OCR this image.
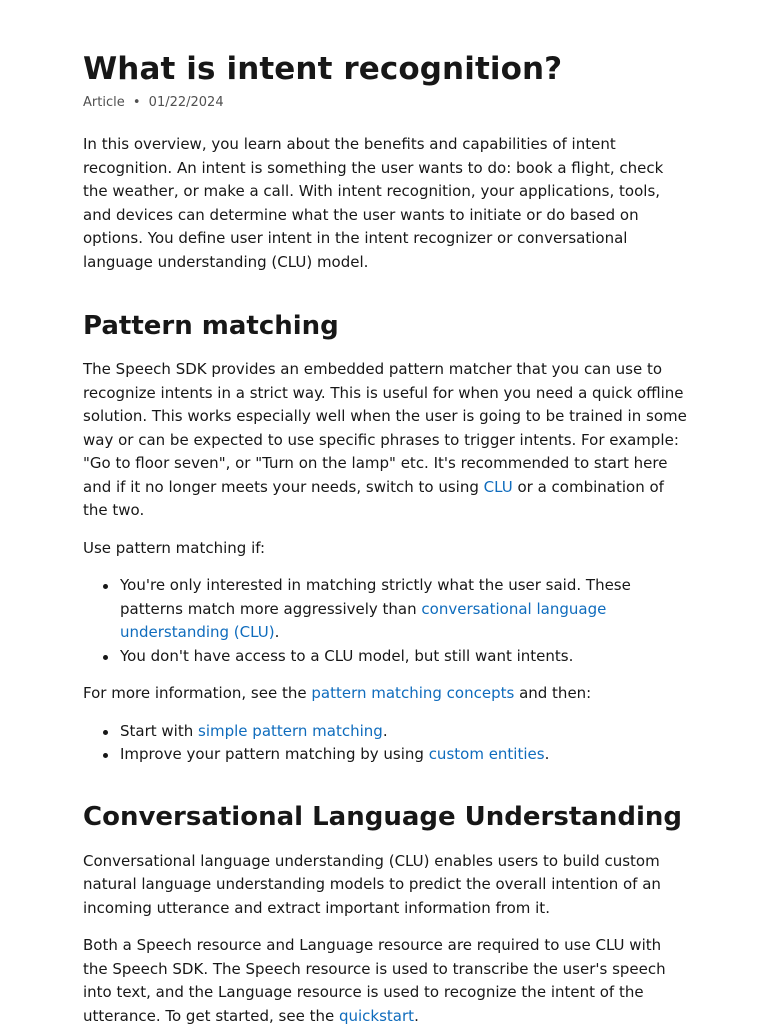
What is intent recognition?
Article • 01/22/2024

In this overview, you learn about the benefits and capabilities of intent recognition. An intent is something the user wants to do: book a flight, check the weather, or make a call. With intent recognition, your applications, tools, and devices can determine what the user wants to initiate or do based on options. You define user intent in the intent recognizer or conversational language understanding (CLU) model.

Pattern matching

The Speech SDK provides an embedded pattern matcher that you can use to recognize intents in a strict way. This is useful for when you need a quick offline solution. This works especially well when the user is going to be trained in some way or can be expected to use specific phrases to trigger intents. For example: "Go to floor seven", or "Turn on the lamp" etc. It's recommended to start here and if it no longer meets your needs, switch to using CLU or a combination of the two.

Use pattern matching if:

You're only interested in matching strictly what the user said. These patterns match more aggressively than conversational language understanding (CLU).
You don't have access to a CLU model, but still want intents.

For more information, see the pattern matching concepts and then:

Start with simple pattern matching.
Improve your pattern matching by using custom entities.
Conversational Language Understanding

Conversational language understanding (CLU) enables users to build custom natural language understanding models to predict the overall intention of an incoming utterance and extract important information from it.

Both a Speech resource and Language resource are required to use CLU with the Speech SDK. The Speech resource is used to transcribe the user's speech into text, and the Language resource is used to recognize the intent of the utterance. To get started, see the quickstart.
